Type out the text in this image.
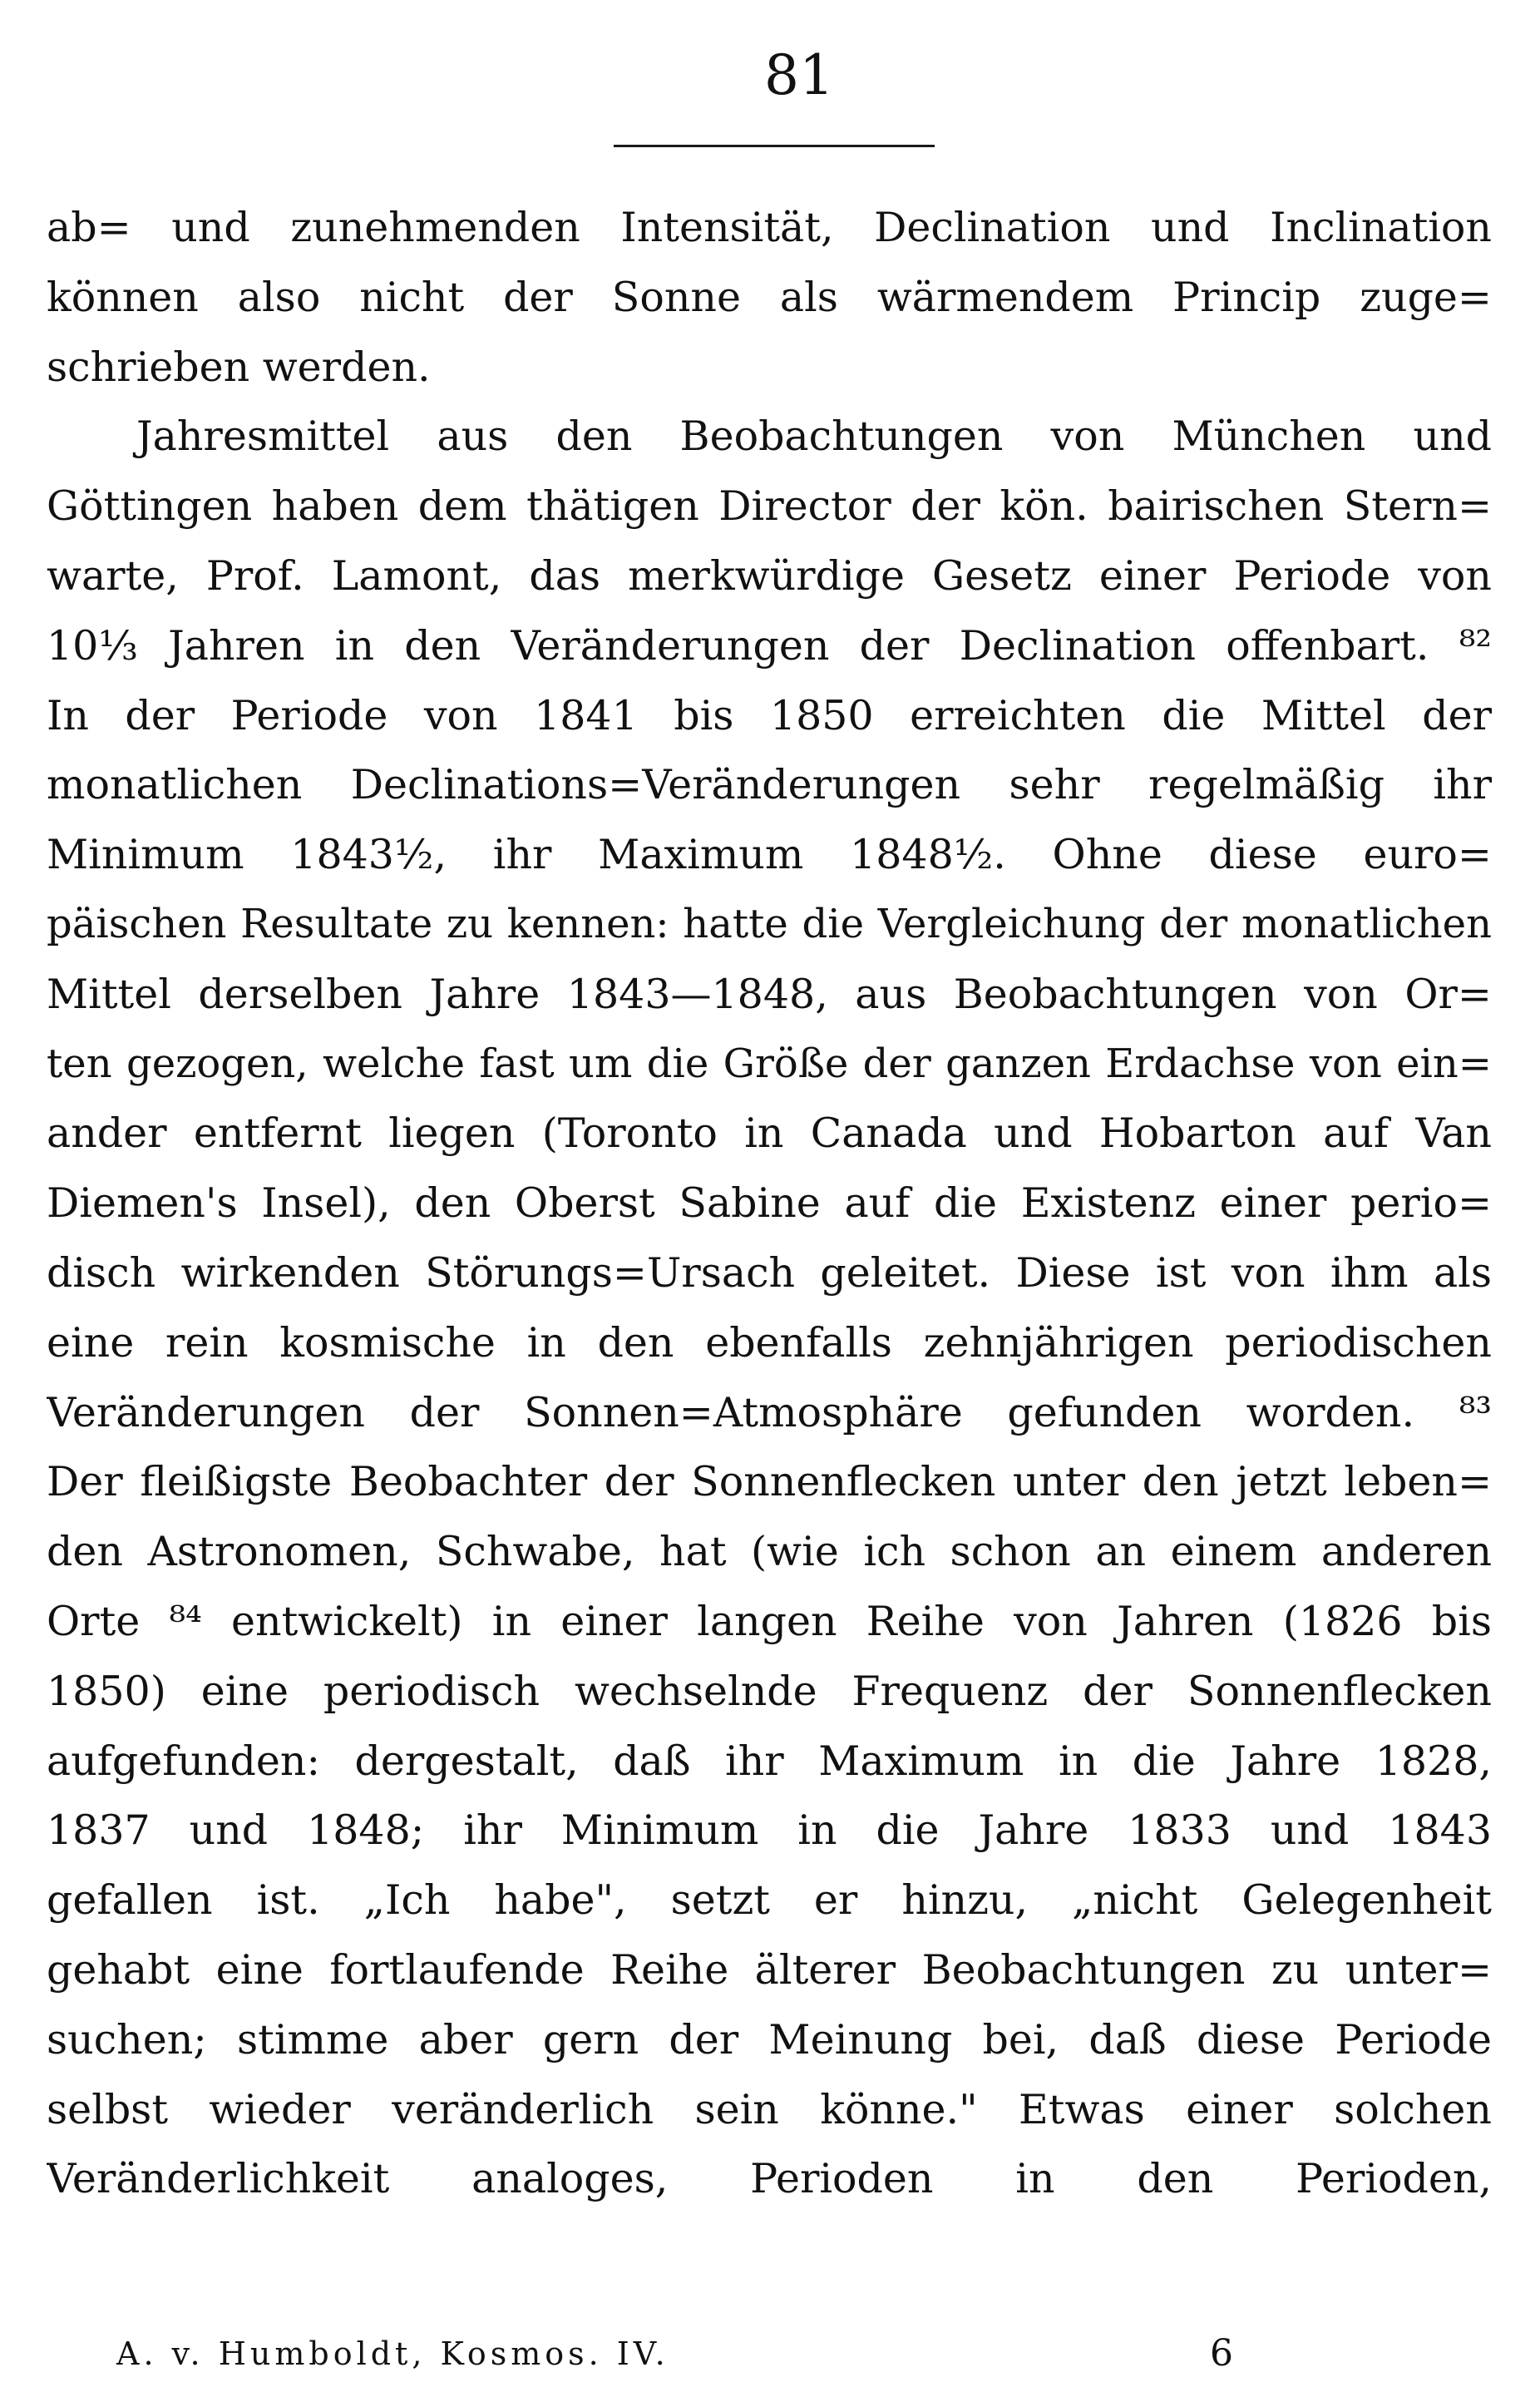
81
ab= und zunehmenden Intensität, Declination und Inclination
können also nicht der Sonne als wärmendem Princip zuge=
schrieben werden.
Jahresmittel aus den Beobachtungen von München und
Göttingen haben dem thätigen Director der kön. bairischen Stern=
warte, Prof. Lamont, das merkwürdige Gesetz einer Periode von
10⅓ Jahren in den Veränderungen der Declination offenbart. ⁸²
In der Periode von 1841 bis 1850 erreichten die Mittel der
monatlichen Declinations=Veränderungen sehr regelmäßig ihr
Minimum 1843½, ihr Maximum 1848½. Ohne diese euro=
päischen Resultate zu kennen: hatte die Vergleichung der monatlichen
Mittel derselben Jahre 1843—1848, aus Beobachtungen von Or=
ten gezogen, welche fast um die Größe der ganzen Erdachse von ein=
ander entfernt liegen (Toronto in Canada und Hobarton auf Van
Diemen's Insel), den Oberst Sabine auf die Existenz einer perio=
disch wirkenden Störungs=Ursach geleitet. Diese ist von ihm als
eine rein kosmische in den ebenfalls zehnjährigen periodischen
Veränderungen der Sonnen=Atmosphäre gefunden worden. ⁸³
Der fleißigste Beobachter der Sonnenflecken unter den jetzt leben=
den Astronomen, Schwabe, hat (wie ich schon an einem anderen
Orte ⁸⁴ entwickelt) in einer langen Reihe von Jahren (1826 bis
1850) eine periodisch wechselnde Frequenz der Sonnenflecken
aufgefunden: dergestalt, daß ihr Maximum in die Jahre 1828,
1837 und 1848; ihr Minimum in die Jahre 1833 und 1843
gefallen ist. „Ich habe", setzt er hinzu, „nicht Gelegenheit
gehabt eine fortlaufende Reihe älterer Beobachtungen zu unter=
suchen; stimme aber gern der Meinung bei, daß diese Periode
selbst wieder veränderlich sein könne." Etwas einer solchen
Veränderlichkeit analoges, Perioden in den Perioden,
A. v. Humboldt, Kosmos. IV.	6
